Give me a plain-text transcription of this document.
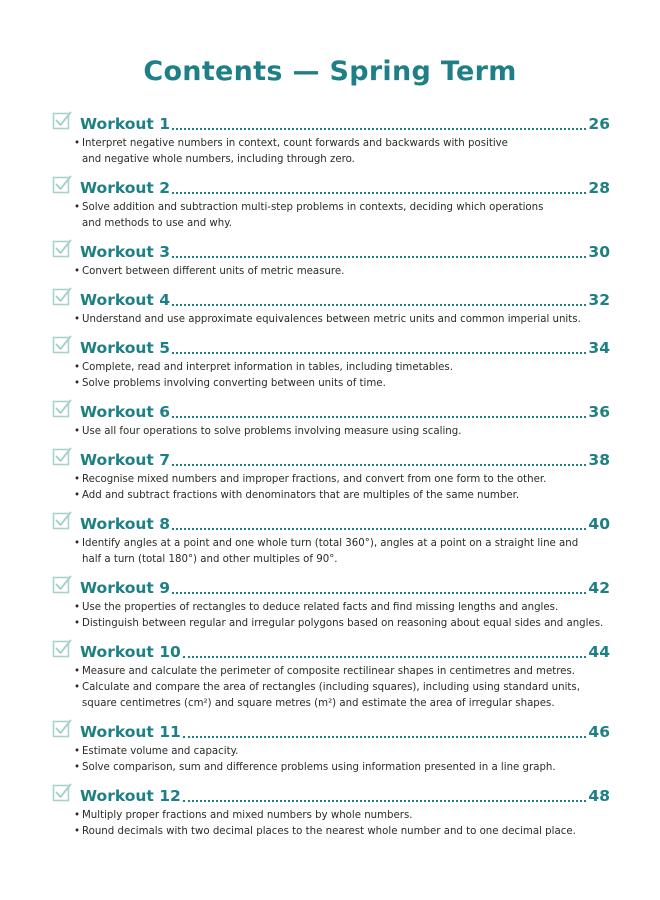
Contents — Spring Term
Workout 1	26
• Interpret negative numbers in context, count forwards and backwards with positive
and negative whole numbers, including through zero.
Workout 2	28
• Solve addition and subtraction multi-step problems in contexts, deciding which operations
and methods to use and why.
Workout 3	30
• Convert between different units of metric measure.
Workout 4	32
• Understand and use approximate equivalences between metric units and common imperial units.
Workout 5	34
• Complete, read and interpret information in tables, including timetables.
• Solve problems involving converting between units of time.
Workout 6	36
• Use all four operations to solve problems involving measure using scaling.
Workout 7	38
• Recognise mixed numbers and improper fractions, and convert from one form to the other.
• Add and subtract fractions with denominators that are multiples of the same number.
Workout 8	40
• Identify angles at a point and one whole turn (total 360°), angles at a point on a straight line and
half a turn (total 180°) and other multiples of 90°.
Workout 9	42
• Use the properties of rectangles to deduce related facts and find missing lengths and angles.
• Distinguish between regular and irregular polygons based on reasoning about equal sides and angles.
Workout 10	44
• Measure and calculate the perimeter of composite rectilinear shapes in centimetres and metres.
• Calculate and compare the area of rectangles (including squares), including using standard units,
square centimetres (cm²) and square metres (m²) and estimate the area of irregular shapes.
Workout 11	46
• Estimate volume and capacity.
• Solve comparison, sum and difference problems using information presented in a line graph.
Workout 12	48
• Multiply proper fractions and mixed numbers by whole numbers.
• Round decimals with two decimal places to the nearest whole number and to one decimal place.
